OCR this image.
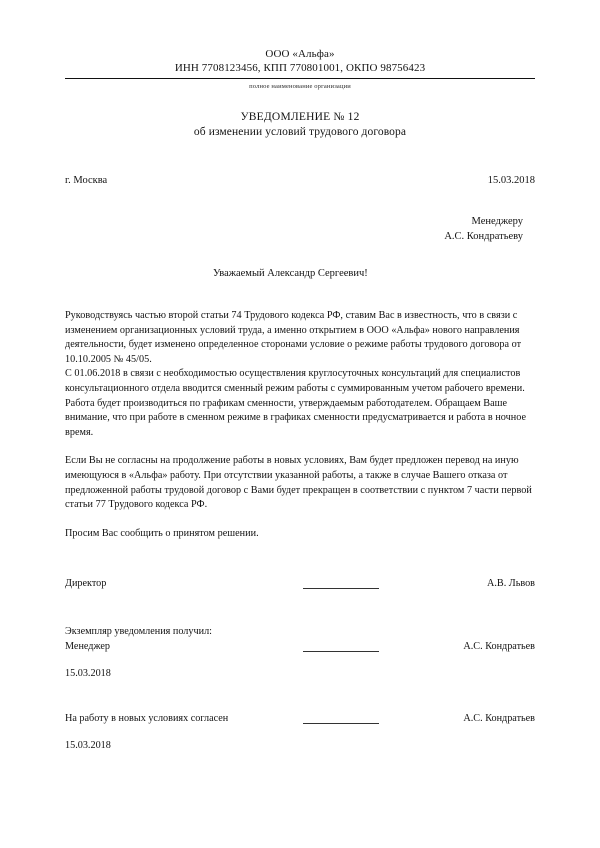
ООО «Альфа»
ИНН 7708123456, КПП 770801001, ОКПО 98756423
полное наименование организации
УВЕДОМЛЕНИЕ № 12
об изменении условий трудового договора
г. Москва	15.03.2018
Менеджеру
А.С. Кондратьеву
Уважаемый Александр Сергеевич!

Руководствуясь частью второй статьи 74 Трудового кодекса РФ, ставим Вас в известность, что в связи с изменением организационных условий труда, а именно открытием в ООО «Альфа» нового направления деятельности, будет изменено определенное сторонами условие о режиме работы трудового договора от 10.10.2005 № 45/05.

С 01.06.2018 в связи с необходимостью осуществления круглосуточных консультаций для специалистов консультационного отдела вводится сменный режим работы с суммированным учетом рабочего времени. Работа будет производиться по графикам сменности, утверждаемым работодателем. Обращаем Ваше внимание, что при работе в сменном режиме в графиках сменности предусматривается и работа в ночное время.

Если Вы не согласны на продолжение работы в новых условиях, Вам будет предложен перевод на иную имеющуюся в «Альфа» работу. При отсутствии указанной работы, а также в случае Вашего отказа от предложенной работы трудовой договор с Вами будет прекращен в соответствии с пунктом 7 части первой статьи 77 Трудового кодекса РФ.

Просим Вас сообщить о принятом решении.

Директор	А.В. Львов
Экземпляр уведомления получил:
Менеджер	А.С. Кондратьев
15.03.2018
На работу в новых условиях согласен	А.С. Кондратьев
15.03.2018
